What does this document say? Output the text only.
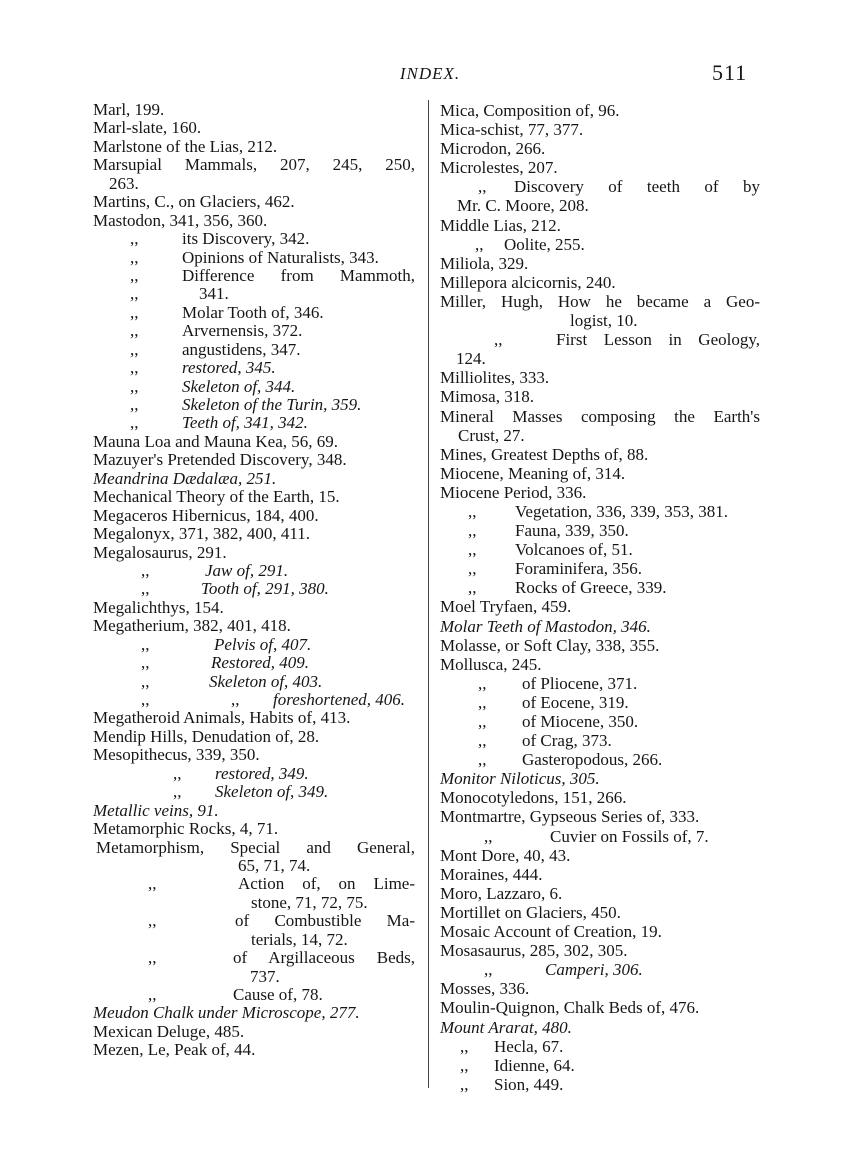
INDEX.	511
Marl, 199.
Marl-slate, 160.
Marlstone of the Lias, 212.
Marsupial Mammals, 207, 245, 250,
263.
Martins, C., on Glaciers, 462.
Mastodon, 341, 356, 360.
,,	its Discovery, 342.
,,	Opinions of Naturalists, 343.
,,	Difference from Mammoth,
,,	341.
,,	Molar Tooth of, 346.
,,	Arvernensis, 372.
,,	angustidens, 347.
,,	restored, 345.
,,	Skeleton of, 344.
,,	Skeleton of the Turin, 359.
,,	Teeth of, 341, 342.
Mauna Loa and Mauna Kea, 56, 69.
Mazuyer's Pretended Discovery, 348.
Meandrina Dædalæa, 251.
Mechanical Theory of the Earth, 15.
Megaceros Hibernicus, 184, 400.
Megalonyx, 371, 382, 400, 411.
Megalosaurus, 291.
,,	Jaw of, 291.
,,	Tooth of, 291, 380.
Megalichthys, 154.
Megatherium, 382, 401, 418.
,,	Pelvis of, 407.
,,	Restored, 409.
,,	Skeleton of, 403.
,,	,, foreshortened, 406.
Megatheroid Animals, Habits of, 413.
Mendip Hills, Denudation of, 28.
Mesopithecus, 339, 350.
,, restored, 349.
,, Skeleton of, 349.
Metallic veins, 91.
Metamorphic Rocks, 4, 71.
Metamorphism, Special and General,
65, 71, 74.
,,	Action of, on Lime-
stone, 71, 72, 75.
,,	of Combustible Ma-
terials, 14, 72.
,,	of Argillaceous Beds,
737.
,,	Cause of, 78.
Meudon Chalk under Microscope, 277.
Mexican Deluge, 485.
Mezen, Le, Peak of, 44.
Mica, Composition of, 96.
Mica-schist, 77, 377.
Microdon, 266.
Microlestes, 207.
,, Discovery of teeth of by
Mr. C. Moore, 208.
Middle Lias, 212.
,, Oolite, 255.
Miliola, 329.
Millepora alcicornis, 240.
Miller, Hugh, How he became a Geo-
logist, 10.
,,	First Lesson in Geology,
124.
Milliolites, 333.
Mimosa, 318.
Mineral Masses composing the Earth's
Crust, 27.
Mines, Greatest Depths of, 88.
Miocene, Meaning of, 314.
Miocene Period, 336.
,, Vegetation, 336, 339, 353, 381.
,, Fauna, 339, 350.
,, Volcanoes of, 51.
,, Foraminifera, 356.
,, Rocks of Greece, 339.
Moel Tryfaen, 459.
Molar Teeth of Mastodon, 346.
Molasse, or Soft Clay, 338, 355.
Mollusca, 245.
,, of Pliocene, 371.
,, of Eocene, 319.
,, of Miocene, 350.
,, of Crag, 373.
,, Gasteropodous, 266.
Monitor Niloticus, 305.
Monocotyledons, 151, 266.
Montmartre, Gypseous Series of, 333.
,,	Cuvier on Fossils of, 7.
Mont Dore, 40, 43.
Moraines, 444.
Moro, Lazzaro, 6.
Mortillet on Glaciers, 450.
Mosaic Account of Creation, 19.
Mosasaurus, 285, 302, 305.
,,	Camperi, 306.
Mosses, 336.
Moulin-Quignon, Chalk Beds of, 476.
Mount Ararat, 480.
,, Hecla, 67.
,, Idienne, 64.
,, Sion, 449.
